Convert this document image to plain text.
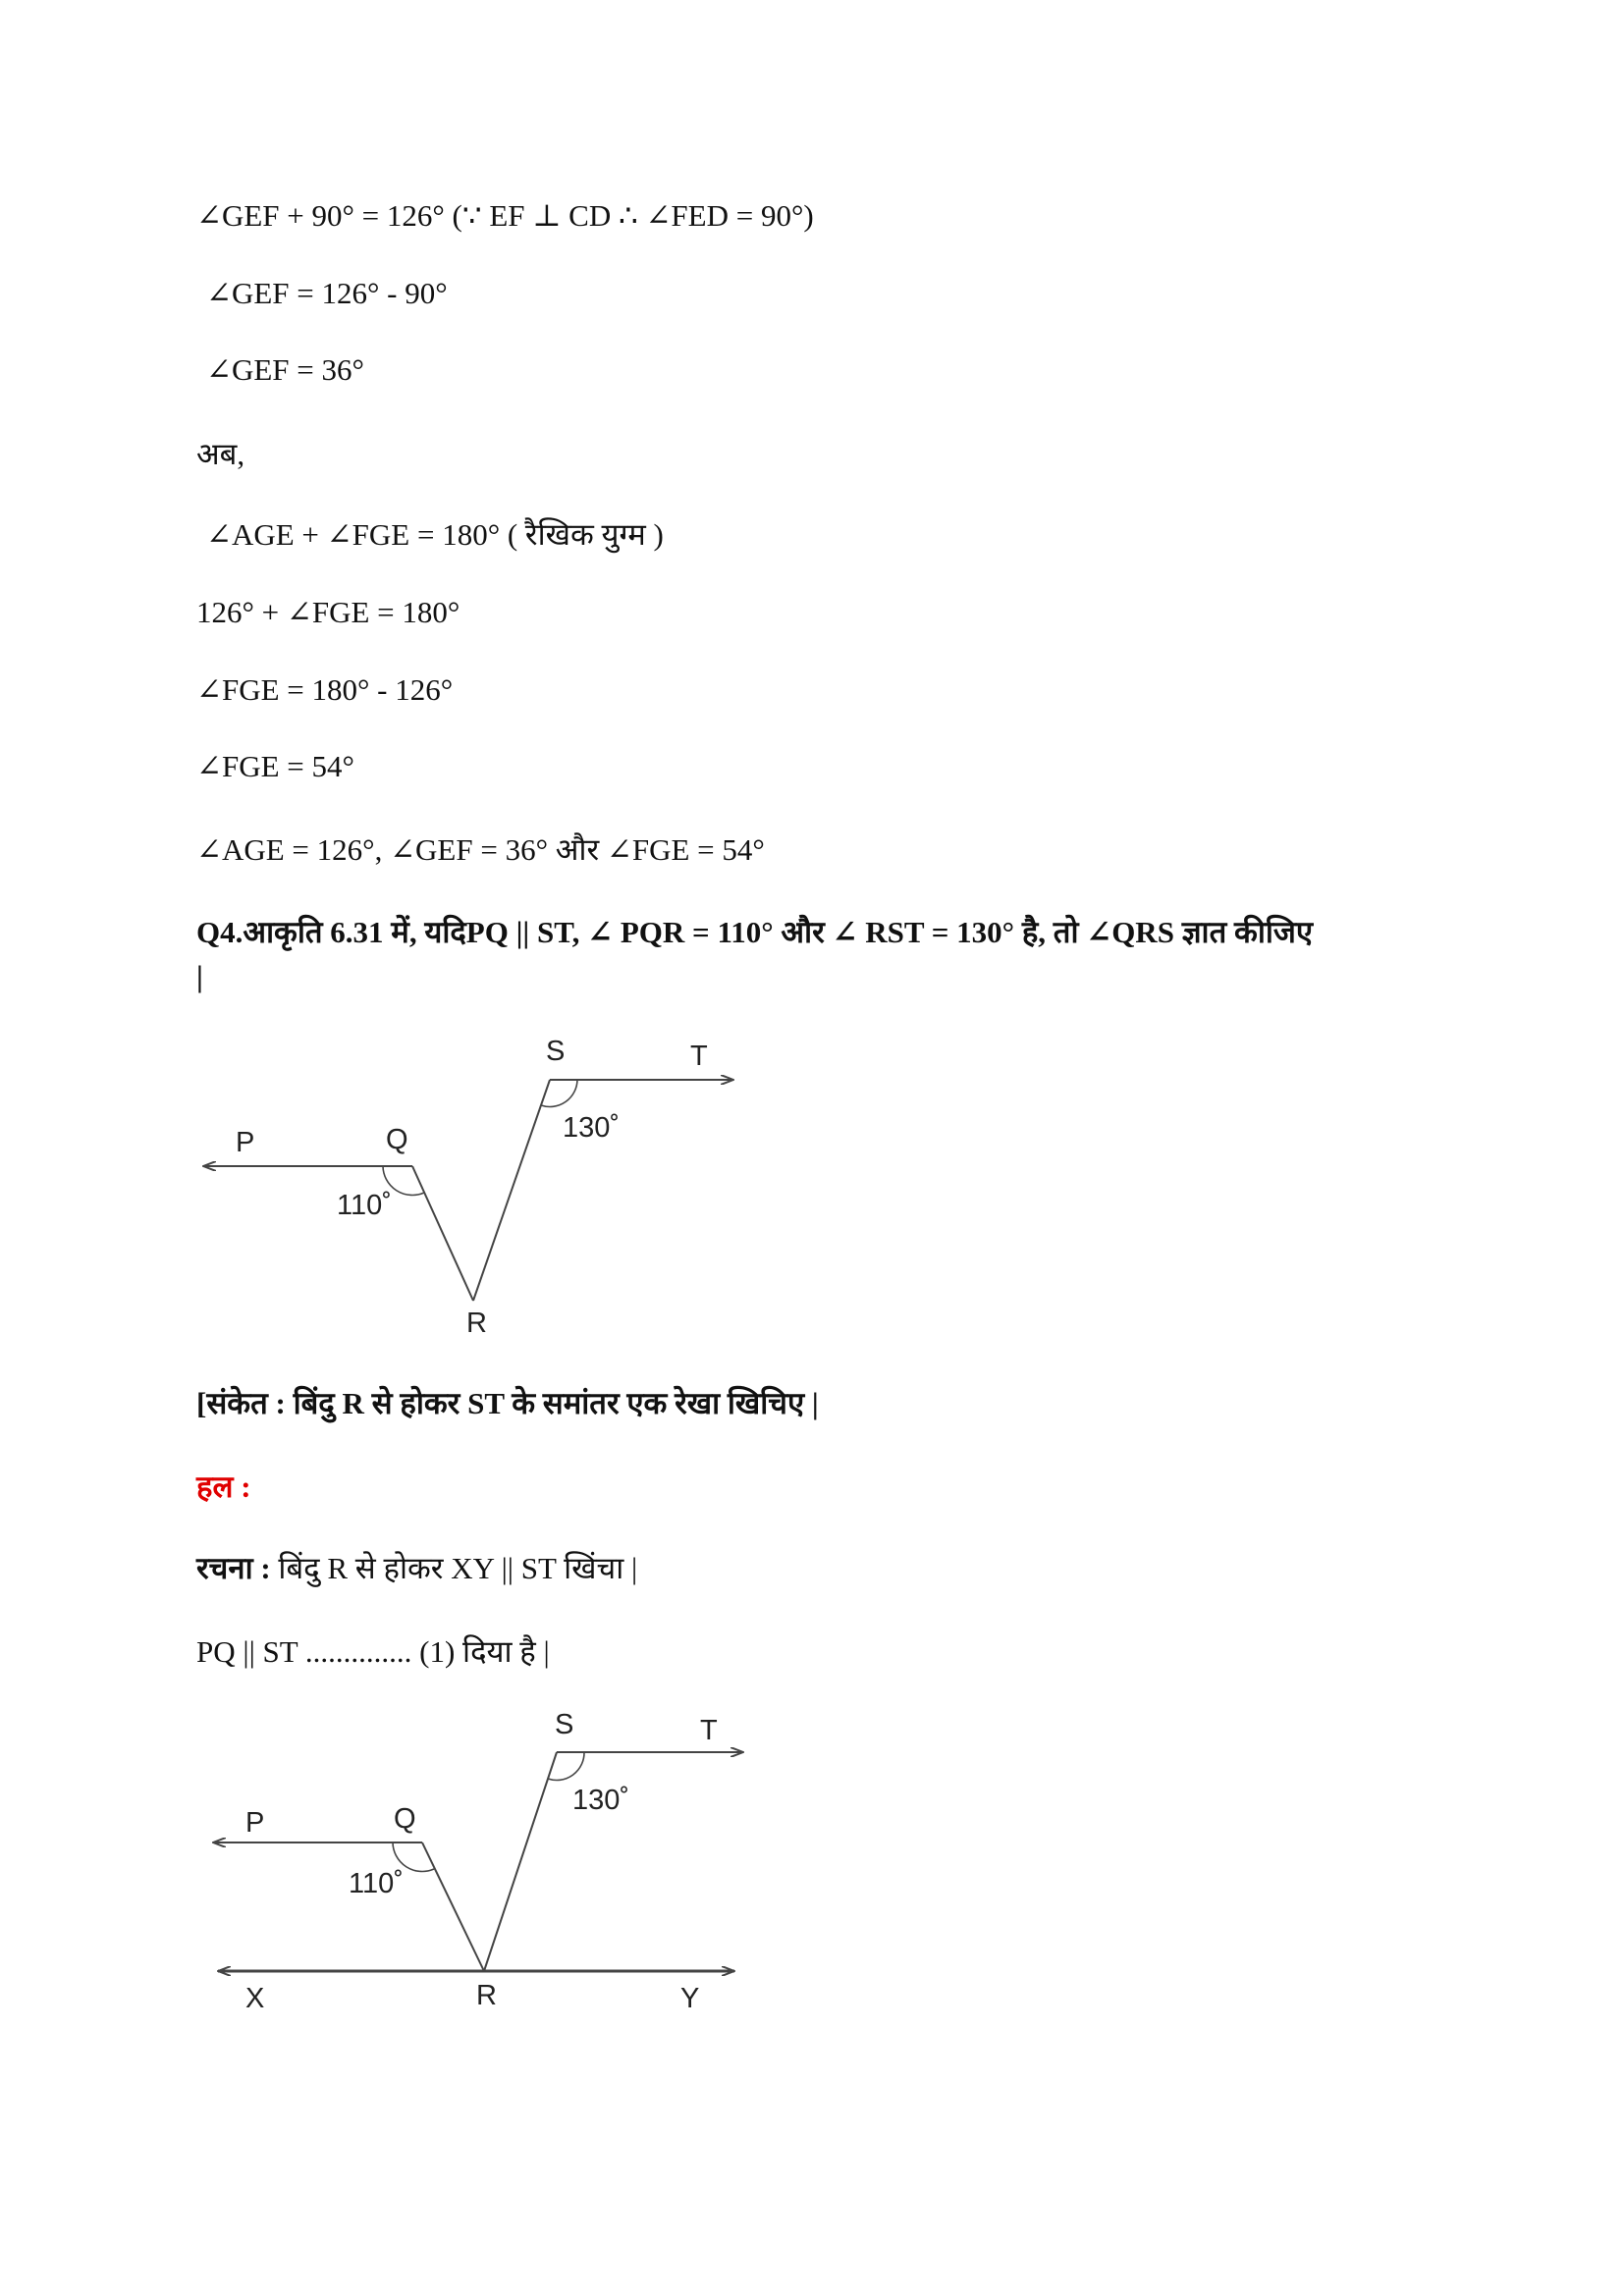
∠GEF + 90° = 126° (∵ EF ⊥ CD ∴ ∠FED = 90°)
∠GEF = 126° - 90°
∠GEF = 36°
अब,
∠AGE + ∠FGE = 180° ( रैखिक युग्म )
126° + ∠FGE = 180°
∠FGE = 180° - 126°
∠FGE = 54°
∠AGE = 126°, ∠GEF = 36° और ∠FGE = 54°
Q4.आकृति 6.31 में, यदिPQ || ST, ∠ PQR = 110° और ∠ RST = 130° है, तो ∠QRS ज्ञात कीजिए
|
S	T
P	Q
R
130˚
110˚
[संकेत : बिंदु R से होकर ST के समांतर एक रेखा खिचिए |
हल :
रचना : बिंदु R से होकर XY || ST खिंचा |
PQ || ST .............. (1) दिया है |
S	T
P	Q
R
X	Y
130˚
110˚
